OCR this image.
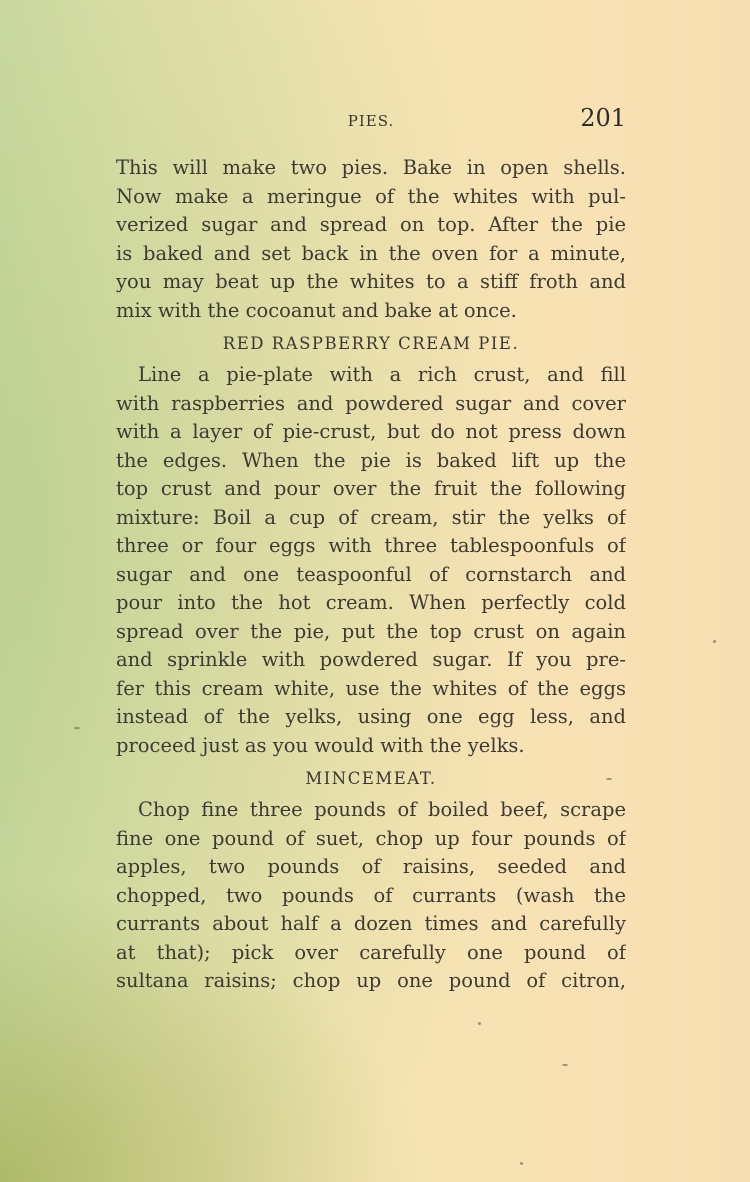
PIES.	201
This will make two pies. Bake in open shells.
Now make a meringue of the whites with pul-
verized sugar and spread on top. After the pie
is baked and set back in the oven for a minute,
you may beat up the whites to a stiff froth and
mix with the cocoanut and bake at once.
RED RASPBERRY CREAM PIE.
Line a pie-plate with a rich crust, and fill
with raspberries and powdered sugar and cover
with a layer of pie-crust, but do not press down
the edges. When the pie is baked lift up the
top crust and pour over the fruit the following
mixture: Boil a cup of cream, stir the yelks of
three or four eggs with three tablespoonfuls of
sugar and one teaspoonful of cornstarch and
pour into the hot cream. When perfectly cold
spread over the pie, put the top crust on again
and sprinkle with powdered sugar. If you pre-
fer this cream white, use the whites of the eggs
instead of the yelks, using one egg less, and
proceed just as you would with the yelks.
MINCEMEAT.
Chop fine three pounds of boiled beef, scrape
fine one pound of suet, chop up four pounds of
apples, two pounds of raisins, seeded and
chopped, two pounds of currants (wash the
currants about half a dozen times and carefully
at that); pick over carefully one pound of
sultana raisins; chop up one pound of citron,
